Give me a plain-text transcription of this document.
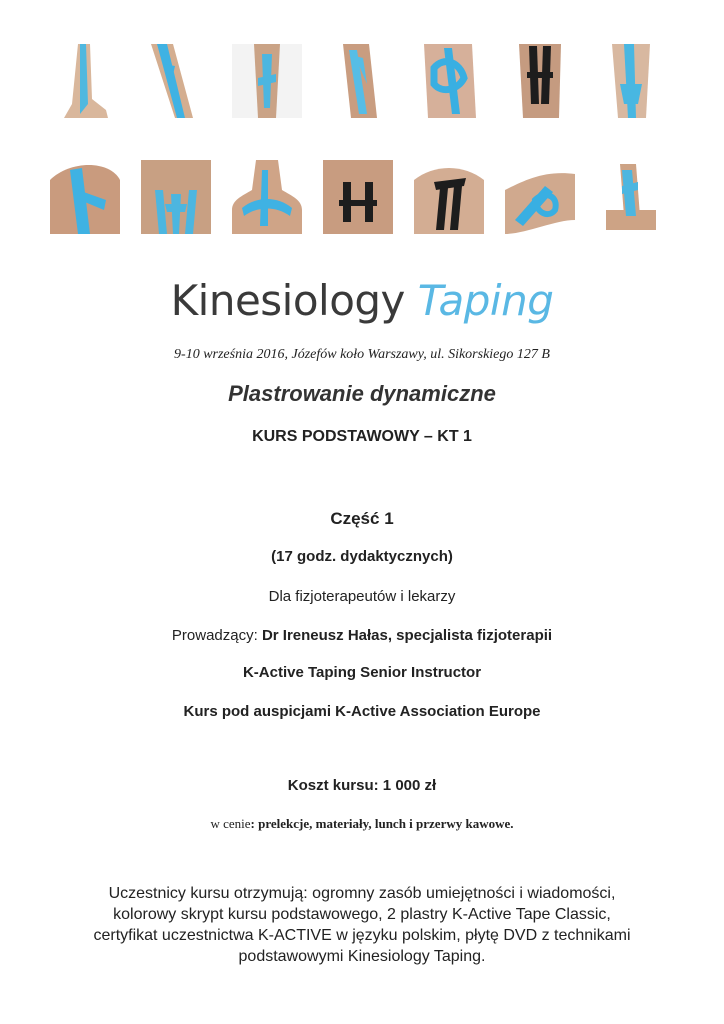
Kinesiology Taping
9-10 września 2016, Józefów koło Warszawy, ul. Sikorskiego 127 B
Plastrowanie dynamiczne
KURS PODSTAWOWY – KT 1
Część 1
(17 godz. dydaktycznych)
Dla fizjoterapeutów i lekarzy
Prowadzący: Dr Ireneusz Hałas, specjalista fizjoterapii
K-Active Taping Senior Instructor
Kurs pod auspicjami K-Active Association Europe
Koszt kursu: 1 000 zł
w cenie: prelekcje, materiały, lunch i przerwy kawowe.
Uczestnicy kursu otrzymują: ogromny zasób umiejętności i wiadomości,
kolorowy skrypt kursu podstawowego, 2 plastry K-Active Tape Classic,
certyfikat uczestnictwa K-ACTIVE w języku polskim, płytę DVD z technikami
podstawowymi Kinesiology Taping.
